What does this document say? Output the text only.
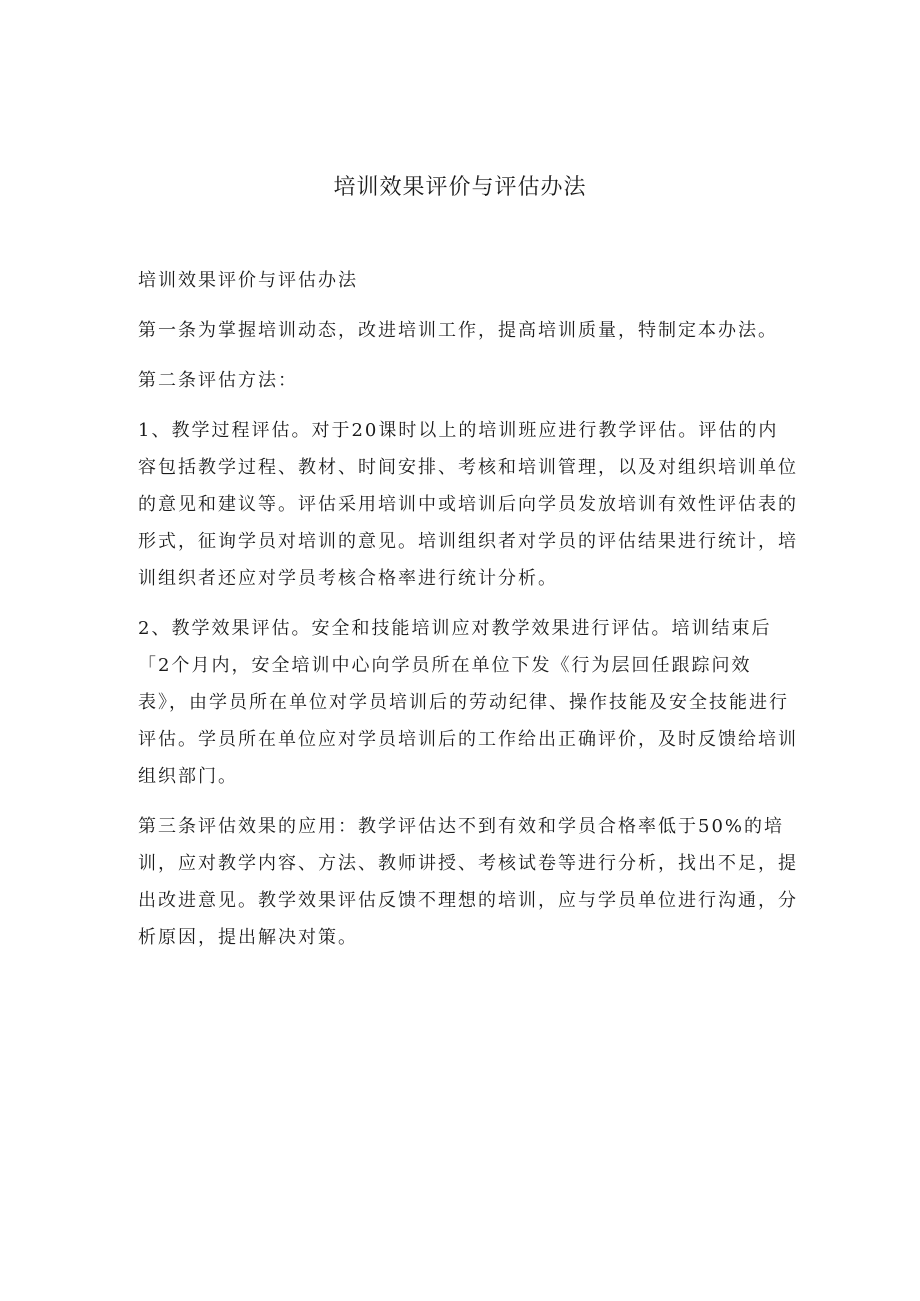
培训效果评价与评估办法

培训效果评价与评估办法

第一条为掌握培训动态，改进培训工作，提高培训质量，特制定本办法。

第二条评估方法：

1、教学过程评估。对于20课时以上的培训班应进行教学评估。评估的内容包括教学过程、教材、时间安排、考核和培训管理，以及对组织培训单位的意见和建议等。评估采用培训中或培训后向学员发放培训有效性评估表的形式，征询学员对培训的意见。培训组织者对学员的评估结果进行统计，培训组织者还应对学员考核合格率进行统计分析。

2、教学效果评估。安全和技能培训应对教学效果进行评估。培训结束后「2个月内，安全培训中心向学员所在单位下发《行为层回任跟踪问效表》，由学员所在单位对学员培训后的劳动纪律、操作技能及安全技能进行评估。学员所在单位应对学员培训后的工作给出正确评价，及时反馈给培训组织部门。

第三条评估效果的应用：教学评估达不到有效和学员合格率低于50%的培训，应对教学内容、方法、教师讲授、考核试卷等进行分析，找出不足，提出改进意见。教学效果评估反馈不理想的培训，应与学员单位进行沟通，分析原因，提出解决对策。
